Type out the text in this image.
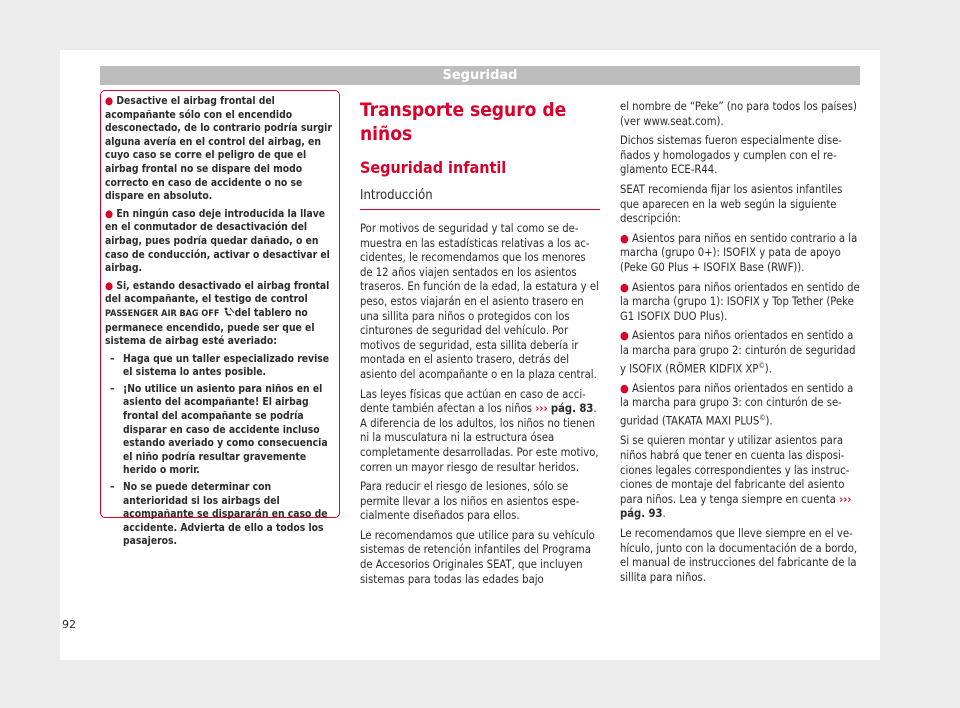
Seguridad

● Desactive el airbag frontal del acompañante sólo con el encendido desconectado, de lo contrario podría surgir alguna avería en el control del airbag, en cuyo caso se corre el peligro de que el airbag frontal no se dispare del modo correcto en caso de accidente o no se dispare en absoluto.

● En ningún caso deje introducida la llave en el conmutador de desactivación del airbag, pues podría quedar dañado, o en caso de conducción, activar o desactivar el airbag.

● Si, estando desactivado el airbag frontal del acompañante, el testigo de control PASSENGER AIR BAG OFF del tablero no permanece encendido, puede ser que el sistema de airbag esté averiado:

– Haga que un taller especializado revise el sistema lo antes posible.
– ¡No utilice un asiento para niños en el asiento del acompañante! El airbag frontal del acompañante se podría disparar en caso de accidente incluso estando averiado y como consecuencia el niño podría resultar gravemente herido o morir.
– No se puede determinar con anterioridad si los airbags del acompañante se dispararán en caso de accidente. Advierta de ello a todos los pasajeros.
Transporte seguro de niños
Seguridad infantil
Introducción

Por motivos de seguridad y tal como se demuestra en las estadísticas relativas a los accidentes, le recomendamos que los menores de 12 años viajen sentados en los asientos traseros. En función de la edad, la estatura y el peso, estos viajarán en el asiento trasero en una sillita para niños o protegidos con los cinturones de seguridad del vehículo. Por motivos de seguridad, esta sillita debería ir montada en el asiento trasero, detrás del asiento del acompañante o en la plaza central.

Las leyes físicas que actúan en caso de accidente también afectan a los niños ››› pág. 83. A diferencia de los adultos, los niños no tienen ni la musculatura ni la estructura ósea completamente desarrolladas. Por este motivo, corren un mayor riesgo de resultar heridos.

Para reducir el riesgo de lesiones, sólo se permite llevar a los niños en asientos especialmente diseñados para ellos.

Le recomendamos que utilice para su vehículo sistemas de retención infantiles del Programa de Accesorios Originales SEAT, que incluyen sistemas para todas las edades bajo

el nombre de “Peke” (no para todos los países) (ver www.seat.com).

Dichos sistemas fueron especialmente diseñados y homologados y cumplen con el reglamento ECE-R44.

SEAT recomienda fijar los asientos infantiles que aparecen en la web según la siguiente descripción:

● Asientos para niños en sentido contrario a la marcha (grupo 0+): ISOFIX y pata de apoyo (Peke G0 Plus + ISOFIX Base (RWF)).

● Asientos para niños orientados en sentido de la marcha (grupo 1): ISOFIX y Top Tether (Peke G1 ISOFIX DUO Plus).

● Asientos para niños orientados en sentido a la marcha para grupo 2: cinturón de seguridad y ISOFIX (RÖMER KIDFIX XP©).

● Asientos para niños orientados en sentido a la marcha para grupo 3: con cinturón de seguridad (TAKATA MAXI PLUS©).

Si se quieren montar y utilizar asientos para niños habrá que tener en cuenta las disposiciones legales correspondientes y las instrucciones de montaje del fabricante del asiento para niños. Lea y tenga siempre en cuenta ››› pág. 93.

Le recomendamos que lleve siempre en el vehículo, junto con la documentación de a bordo, el manual de instrucciones del fabricante de la sillita para niños.

92
